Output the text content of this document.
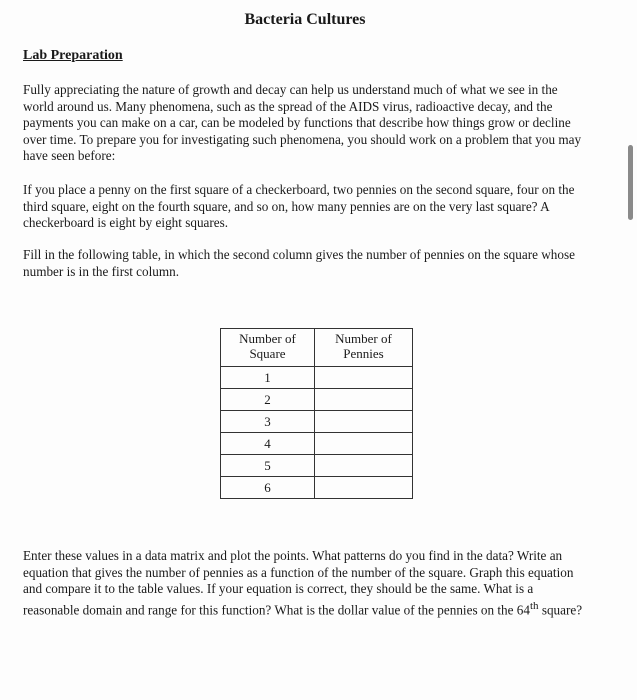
Bacteria Cultures
Lab Preparation

Fully appreciating the nature of growth and decay can help us understand much of what we see in the world around us. Many phenomena, such as the spread of the AIDS virus, radioactive decay, and the payments you can make on a car, can be modeled by functions that describe how things grow or decline over time. To prepare you for investigating such phenomena, you should work on a problem that you may have seen before:

If you place a penny on the first square of a checkerboard, two pennies on the second square, four on the third square, eight on the fourth square, and so on, how many pennies are on the very last square? A checkerboard is eight by eight squares.

Fill in the following table, in which the second column gives the number of pennies on the square whose number is in the first column.

Number of Square	Number of Pennies
1	
2	
3	
4	
5	
6	

Enter these values in a data matrix and plot the points. What patterns do you find in the data? Write an equation that gives the number of pennies as a function of the number of the square. Graph this equation and compare it to the table values. If your equation is correct, they should be the same. What is a reasonable domain and range for this function? What is the dollar value of the pennies on the 64th square?
